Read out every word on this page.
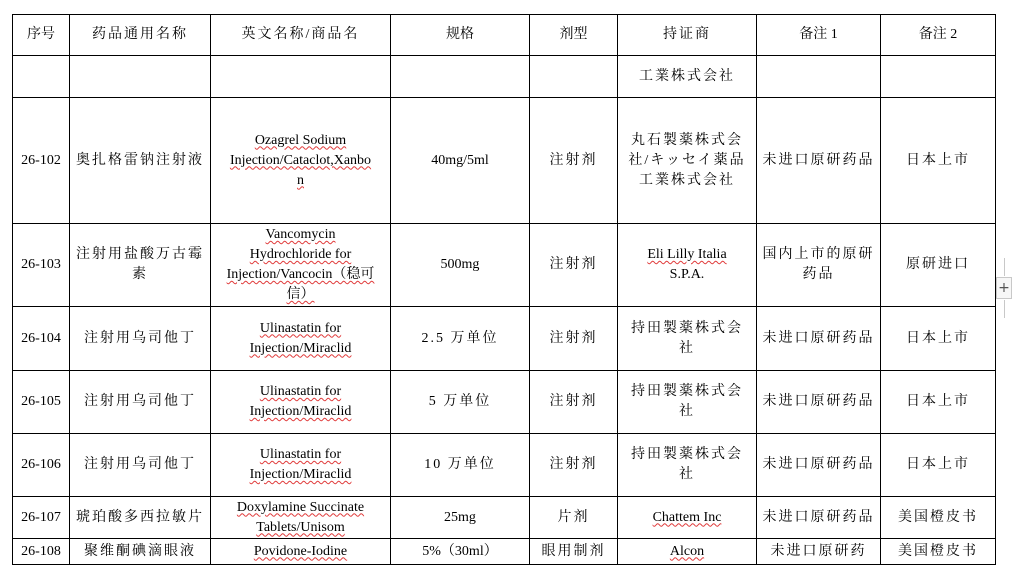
序号	药品通用名称	英文名称/商品名	规格	剂型	持证商	备注 1	备注 2
					工業株式会社		
26-102	奥扎格雷钠注射液	Ozagrel Sodium
Injection/Cataclot,Xanbo
n	40mg/5ml	注射剂	丸石製薬株式会
社/キッセイ薬品
工業株式会社	未进口原研药品	日本上市
26-103	注射用盐酸万古霉素	Vancomycin
Hydrochloride for
Injection/Vancocin（稳可
信）	500mg	注射剂	Eli Lilly Italia
S.P.A.	国内上市的原研药品	原研进口
26-104	注射用乌司他丁	Ulinastatin for
Injection/Miraclid	2.5 万单位	注射剂	持田製薬株式会
社	未进口原研药品	日本上市
26-105	注射用乌司他丁	Ulinastatin for
Injection/Miraclid	5 万单位	注射剂	持田製薬株式会
社	未进口原研药品	日本上市
26-106	注射用乌司他丁	Ulinastatin for
Injection/Miraclid	10 万单位	注射剂	持田製薬株式会
社	未进口原研药品	日本上市
26-107	琥珀酸多西拉敏片	Doxylamine Succinate
Tablets/Unisom	25mg	片剂	Chattem Inc	未进口原研药品	美国橙皮书
26-108	聚维酮碘滴眼液	Povidone-Iodine	5%（30ml）	眼用制剂	Alcon	未进口原研药	美国橙皮书
+
